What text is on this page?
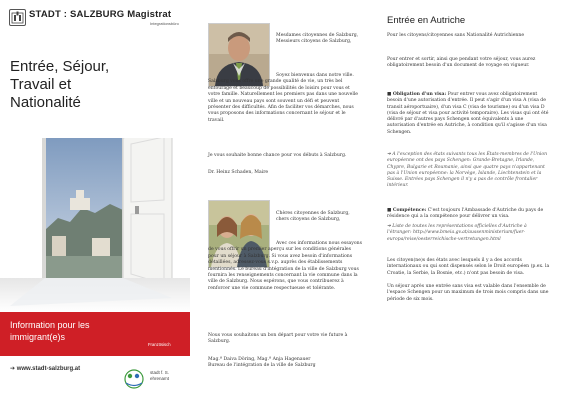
STADT : SALZBURG Magistrat
Integrationsbüro
Entrée, Séjour,
Travail et
Nationalité
Information pour les
immigrant(e)s
Französisch
➔ www.stadt-salzburg.at
stadt f. S.
ehrenamt
Mesdames citoyennes de Salzburg, Messieurs citoyens de Salzburg,
Soyez bienvenus dans notre ville. Salzburg vous offre une grande qualité de vie, un très bel entourage et beaucoup de possibilités de loisirs pour vous et votre famille. Naturellement les premiers pas dans une nouvelle ville et un nouveau pays sont souvent un défi et peuvent présenter des difficultés. Afin de faciliter vos démarches, nous vous proposons des informations concernant le séjour et le travail.
Je vous souhaite bonne chance pour vos débuts à Salzburg.
Dr. Heinz Schaden, Maire
Chères citoyennes de Salzburg, chers citoyens de Salzburg,
Avec ces informations nous essayons de vous offrir un premier aperçu sur les conditions générales pour un séjour à Salzburg. Si vous avez besoin d'informations détaillées, adressez-vous s.v.p. auprès des établissements mentionnés. Le bureau d'intégration de la ville de Salzburg vous fournira les renseignements concernant la vie commune dans la ville de Salzburg. Nous espérons, que vous contribuerez à renforcer une vie commune respectueuse et tolérante.
Nous vous souhaitons un bon départ pour votre vie future à Salzburg.
Mag.ª Daiva Döring, Mag.ª Anja Hagenauer
Bureau de l'intégration de la ville de Salzburg
Entrée en Autriche
Pour les citoyens/citoyennes sans Nationalité Autrichienne
Pour entrer et sortir, ainsi que pendant votre séjour, vous aurez obligatoirement besoin d'un document de voyage en vigueur.
■ Obligation d'un visa: Pour entrer vous avez obligatoirement besoin d'une autorisation d'entrée. Il peut s'agir d'un visa A (visa de transit aéroportuaire), d'un visa C (visa de tourisme) ou d'un visa D (visa de séjour et visa pour activité temporaire). Les visas qui ont été délivré par d'autres pays Schengen sont équivalents à une autorisation d'entrée en Autriche, à condition qu'il s'agisse d'un visa Schengen.
➔ A l'exception des états suivants tous les États-membres de l'Union européenne ont des pays Schengen: Grande-Bretagne, Irlande, Chypre, Bulgarie et Roumanie, ainsi que quatre pays n'appartenant pas à l'Union européenne: la Norvège, Islande, Liechtenstein et la Suisse. Entrées pays Schengen il n'y a pas de contrôle frontalier intérieur.
■ Compétence: C'est toujours l'Ambassade d'Autriche du pays de résidence qui a la compétence pour délivrer un visa.
➔ Liste de toutes les représentations officielles d'Autriche à l'étranger: http://www.bmeia.gv.at/aussenministerium/fuer-europa/reise/oesterreichische-vertretungen.html
Les citoyen(ne)s des états avec lesquels il y a des accords internationaux ou qui sont dispensés selon le Droit européen (p.ex. la Croatie, la Serbie, la Bosnie, etc.) n'ont pas besoin de visa.
Un séjour après une entrée sans visa est valable dans l'ensemble de l'espace Schengen pour un maximum de trois mois compris dans une période de six mois.
